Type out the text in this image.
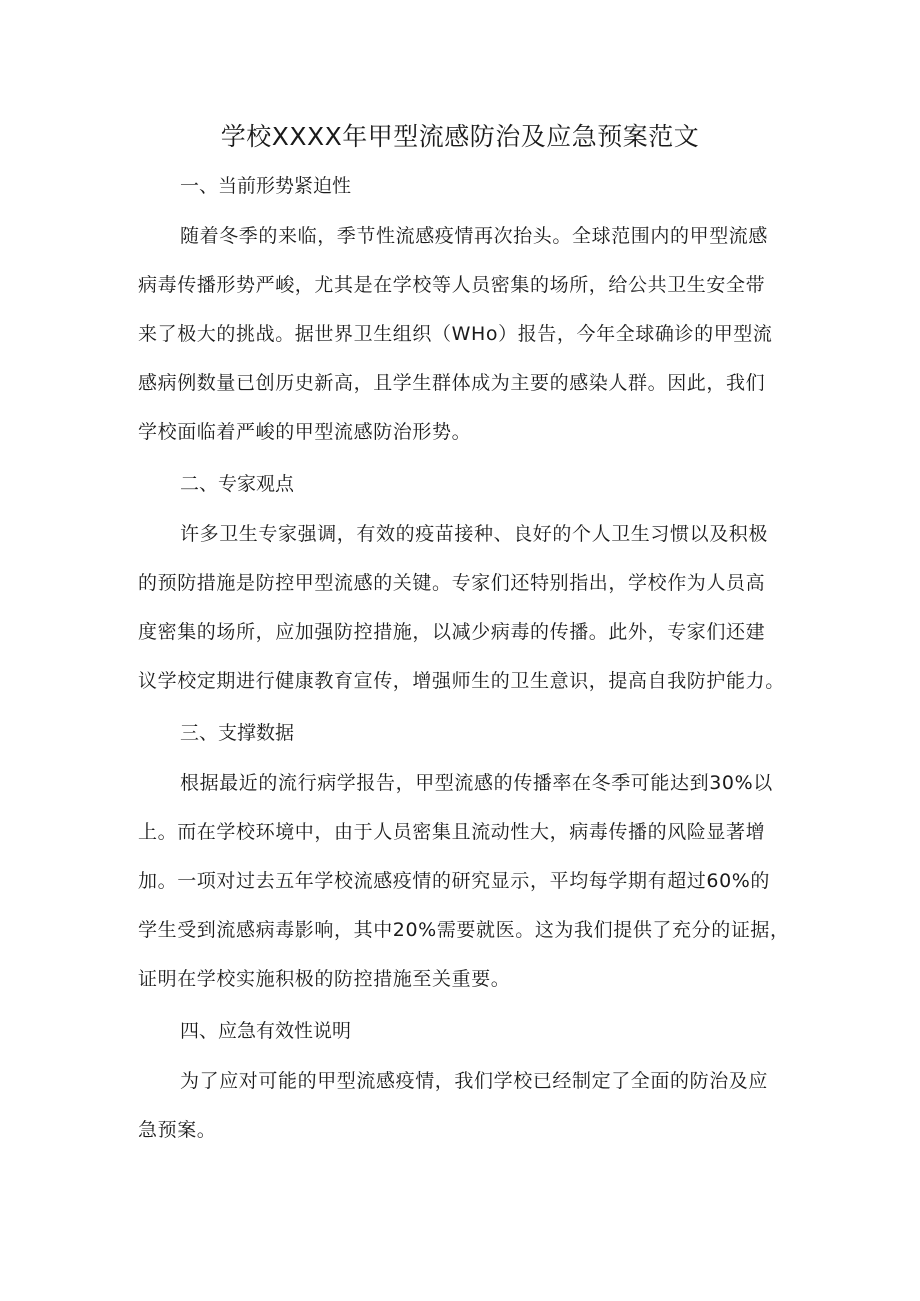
学校XXXX年甲型流感防治及应急预案范文
一、当前形势紧迫性

随着冬季的来临，季节性流感疫情再次抬头。全球范围内的甲型流感
病毒传播形势严峻，尤其是在学校等人员密集的场所，给公共卫生安全带
来了极大的挑战。据世界卫生组织（WHo）报告，今年全球确诊的甲型流
感病例数量已创历史新高，且学生群体成为主要的感染人群。因此，我们
学校面临着严峻的甲型流感防治形势。

二、专家观点

许多卫生专家强调，有效的疫苗接种、良好的个人卫生习惯以及积极
的预防措施是防控甲型流感的关键。专家们还特别指出，学校作为人员高
度密集的场所，应加强防控措施，以减少病毒的传播。此外，专家们还建
议学校定期进行健康教育宣传，增强师生的卫生意识，提高自我防护能力。

三、支撑数据

根据最近的流行病学报告，甲型流感的传播率在冬季可能达到30%以
上。而在学校环境中，由于人员密集且流动性大，病毒传播的风险显著增
加。一项对过去五年学校流感疫情的研究显示，平均每学期有超过60%的
学生受到流感病毒影响，其中20%需要就医。这为我们提供了充分的证据，
证明在学校实施积极的防控措施至关重要。

四、应急有效性说明

为了应对可能的甲型流感疫情，我们学校已经制定了全面的防治及应
急预案。
